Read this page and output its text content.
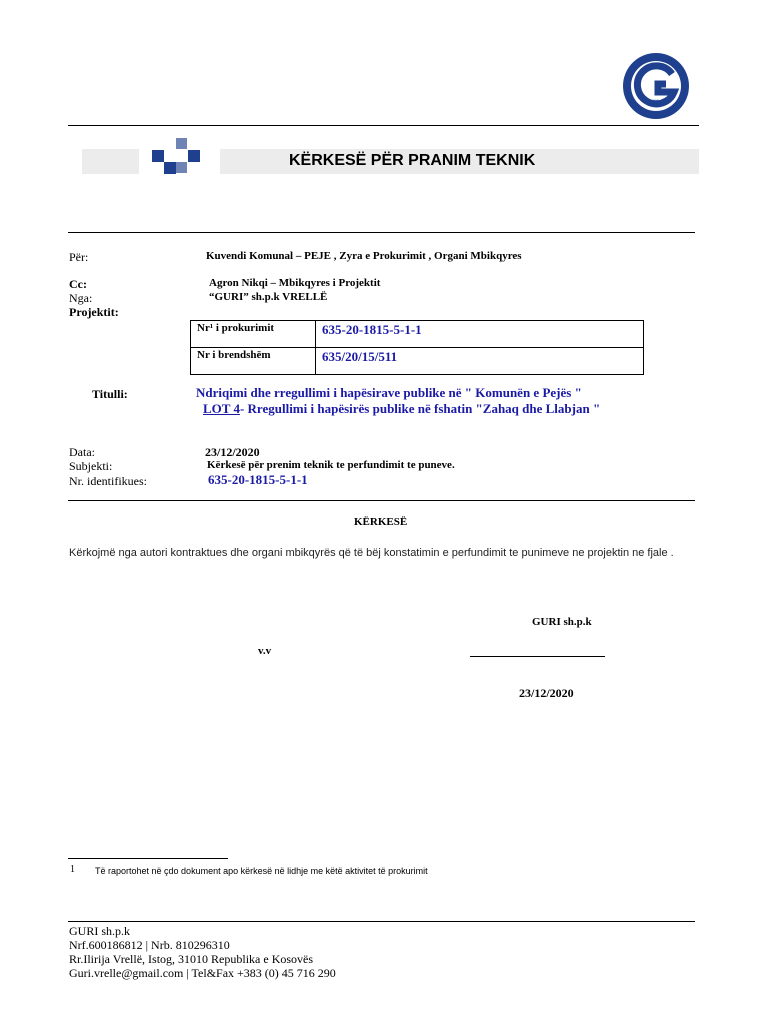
1996
KËRKESË PËR PRANIM TEKNIK
Për:	Kuvendi Komunal – PEJE , Zyra e Prokurimit , Organi Mbikqyres
Cc:	Agron Nikqi – Mbikqyres i Projektit
Nga:	“GURI” sh.p.k VRELLË
Projektit:
Nr¹ i prokurimit	635-20-1815-5-1-1
Nr i brendshëm	635/20/15/511
Titulli:	Ndriqimi dhe rregullimi i hapësirave publike në " Komunën e Pejës "
LOT 4- Rregullimi i hapësirës publike në fshatin "Zahaq dhe Llabjan "
Data:	23/12/2020
Subjekti:	Kërkesë për prenim teknik te perfundimit te puneve.
Nr. identifikues:	635-20-1815-5-1-1
KËRKESË
Kërkojmë nga autori kontraktues dhe organi mbikqyrës që të bëj konstatimin e perfundimit te punimeve ne projektin ne fjale .
GURI sh.p.k
v.v
23/12/2020
1 Të raportohet në çdo dokument apo kërkesë në lidhje me këtë aktivitet të prokurimit
GURI sh.p.k
Nrf.600186812 | Nrb. 810296310
Rr.Ilirija Vrellë, Istog, 31010 Republika e Kosovës
Guri.vrelle@gmail.com | Tel&Fax +383 (0) 45 716 290
